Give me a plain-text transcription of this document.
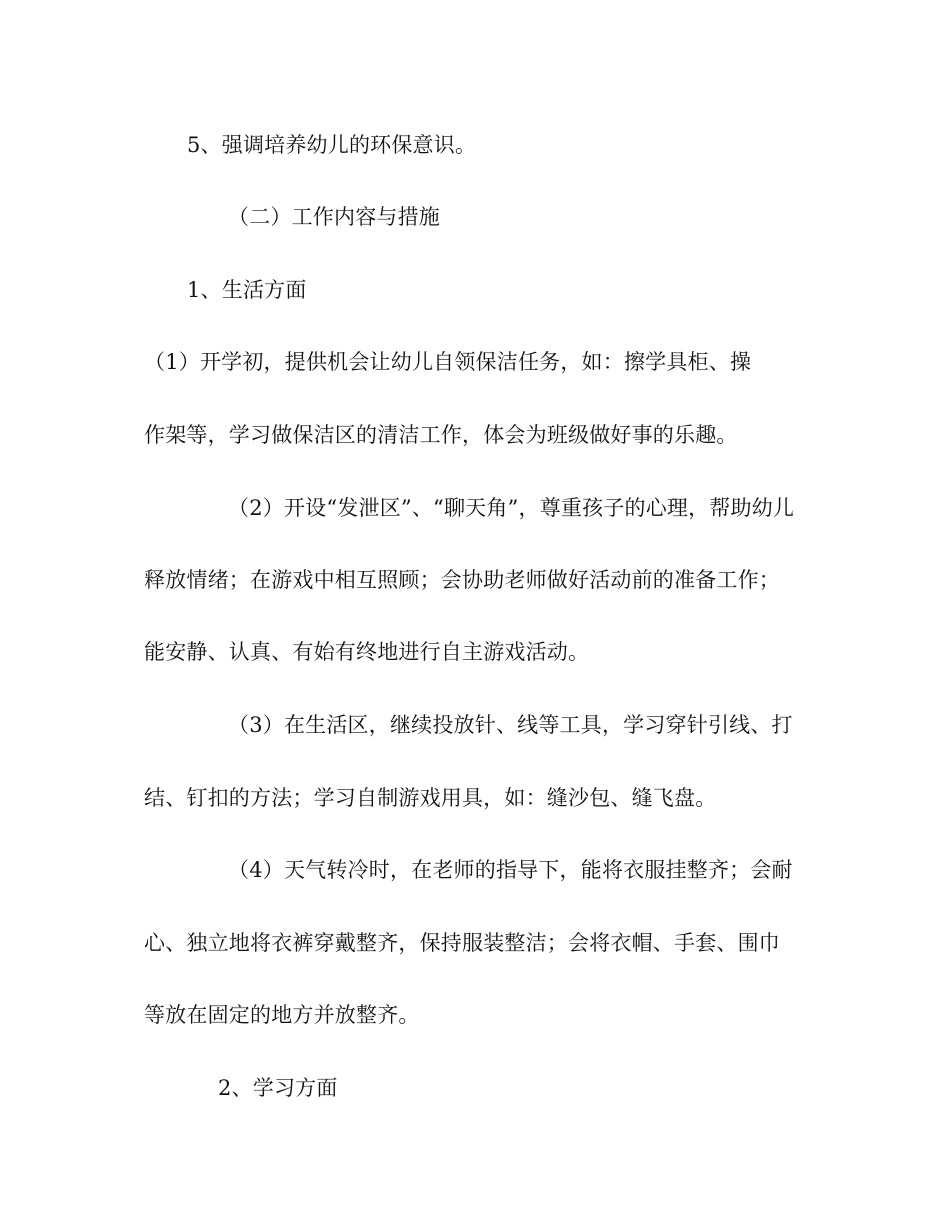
5、强调培养幼儿的环保意识。
（二）工作内容与措施
1、生活方面
（1）开学初，提供机会让幼儿自领保洁任务，如：擦学具柜、操
作架等，学习做保洁区的清洁工作，体会为班级做好事的乐趣。
（2）开设“发泄区”、“聊天角”，尊重孩子的心理，帮助幼儿
释放情绪；在游戏中相互照顾；会协助老师做好活动前的准备工作；
能安静、认真、有始有终地进行自主游戏活动。
（3）在生活区，继续投放针、线等工具，学习穿针引线、打
结、钉扣的方法；学习自制游戏用具，如：缝沙包、缝飞盘。
（4）天气转冷时，在老师的指导下，能将衣服挂整齐；会耐
心、独立地将衣裤穿戴整齐，保持服装整洁；会将衣帽、手套、围巾
等放在固定的地方并放整齐。
2、学习方面
